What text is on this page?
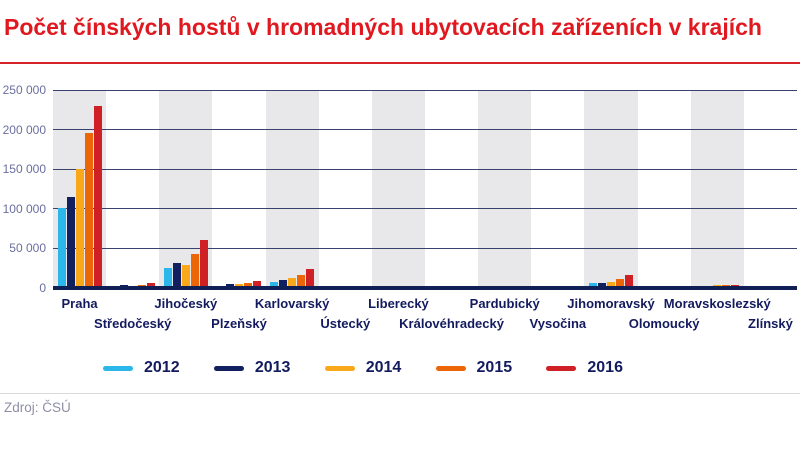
Počet čínských hostů v hromadných ubytovacích zařízeních v krajích
0
50 000
100 000
150 000
200 000
250 000
Praha
Středočeský
Jihočeský
Plzeňský
Karlovarský
Ústecký
Liberecký
Královéhradecký
Pardubický
Vysočina
Jihomoravský
Olomoucký
Moravskoslezský
Zlínský
2012	2013	2014	2015	2016
Zdroj: ČSÚ
